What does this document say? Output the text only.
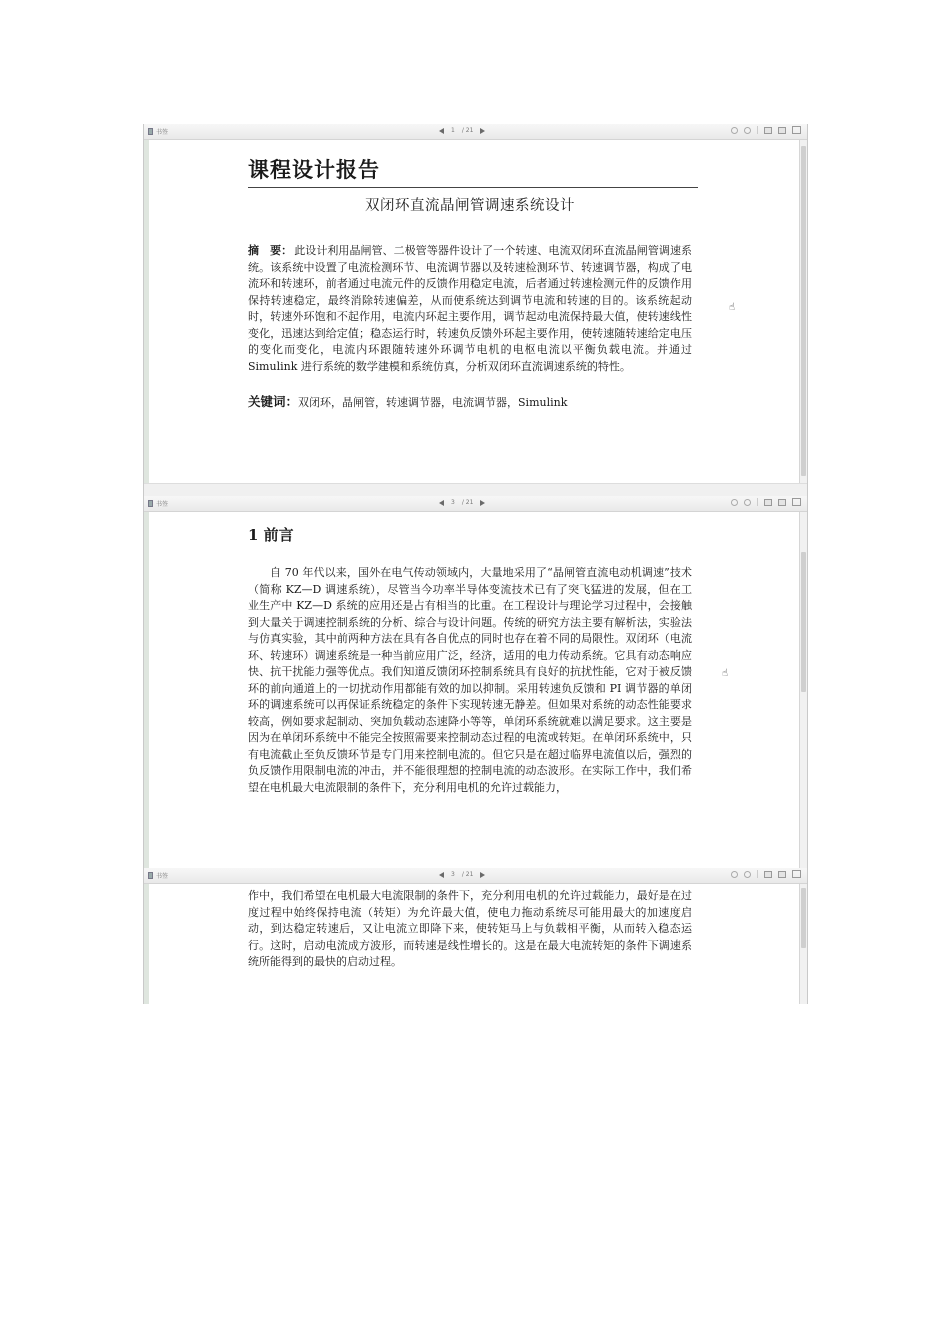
书签	1 / 21
☝
课程设计报告

双闭环直流晶闸管调速系统设计

摘　要： 此设计利用晶闸管、二极管等器件设计了一个转速、电流双闭环直流晶闸管调速系统。该系统中设置了电流检测环节、电流调节器以及转速检测环节、转速调节器，构成了电流环和转速环，前者通过电流元件的反馈作用稳定电流，后者通过转速检测元件的反馈作用保持转速稳定，最终消除转速偏差，从而使系统达到调节电流和转速的目的。该系统起动时，转速外环饱和不起作用，电流内环起主要作用，调节起动电流保持最大值，使转速线性变化，迅速达到给定值；稳态运行时，转速负反馈外环起主要作用，使转速随转速给定电压的变化而变化，电流内环跟随转速外环调节电机的电枢电流以平衡负载电流。并通过 Simulink 进行系统的数学建模和系统仿真，分析双闭环直流调速系统的特性。

关键词：双闭环，晶闸管，转速调节器，电流调节器，Simulink

书签	3 / 21
☝
1 前言

自 70 年代以来，国外在电气传动领域内，大量地采用了“晶闸管直流电动机调速”技术（简称 KZ—D 调速系统），尽管当今功率半导体变流技术已有了突飞猛进的发展，但在工业生产中 KZ—D 系统的应用还是占有相当的比重。在工程设计与理论学习过程中，会接触到大量关于调速控制系统的分析、综合与设计问题。传统的研究方法主要有解析法，实验法与仿真实验，其中前两种方法在具有各自优点的同时也存在着不同的局限性。双闭环（电流环、转速环）调速系统是一种当前应用广泛，经济，适用的电力传动系统。它具有动态响应快、抗干扰能力强等优点。我们知道反馈闭环控制系统具有良好的抗扰性能，它对于被反馈环的前向通道上的一切扰动作用都能有效的加以抑制。采用转速负反馈和 PI 调节器的单闭环的调速系统可以再保证系统稳定的条件下实现转速无静差。但如果对系统的动态性能要求较高，例如要求起制动、突加负载动态速降小等等，单闭环系统就难以满足要求。这主要是因为在单闭环系统中不能完全按照需要来控制动态过程的电流或转矩。在单闭环系统中，只有电流截止至负反馈环节是专门用来控制电流的。但它只是在超过临界电流值以后，强烈的负反馈作用限制电流的冲击，并不能很理想的控制电流的动态波形。在实际工作中，我们希望在电机最大电流限制的条件下，充分利用电机的允许过载能力，

书签	3 / 21

作中，我们希望在电机最大电流限制的条件下，充分利用电机的允许过载能力，最好是在过度过程中始终保持电流（转矩）为允许最大值，使电力拖动系统尽可能用最大的加速度启动，到达稳定转速后，又让电流立即降下来，使转矩马上与负载相平衡，从而转入稳态运行。这时，启动电流成方波形，而转速是线性增长的。这是在最大电流转矩的条件下调速系统所能得到的最快的启动过程。
